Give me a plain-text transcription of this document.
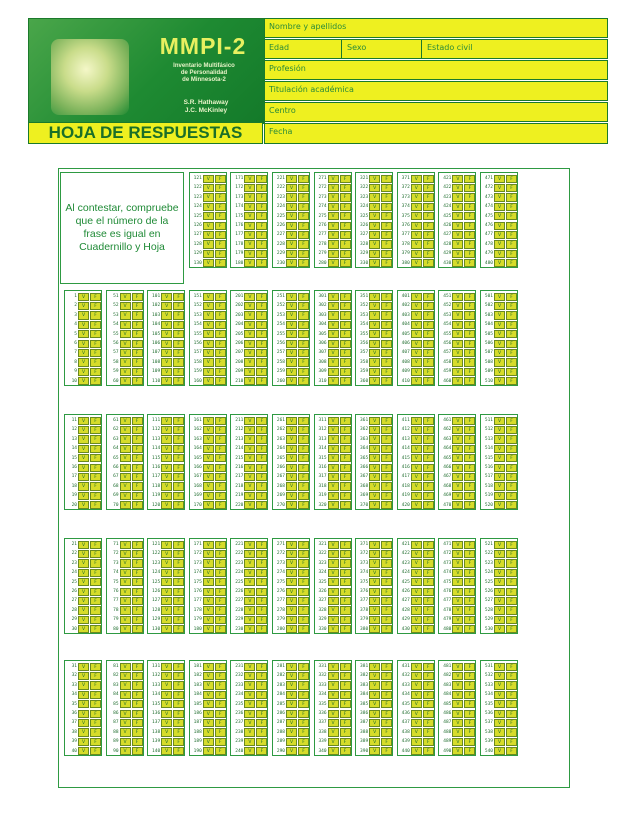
MMPI-2
Inventario Multifásico
de Personalidad
de Minnesota-2
S.R. Hathaway
J.C. McKinley
HOJA DE RESPUESTAS
Nombre y apellidos
Edad	Sexo	Estado civil
Profesión
Titulación académica
Centro
Fecha
Al contestar, compruebe que el número de la frase es igual en Cuadernillo y Hoja
1	V	F
2	V	F
3	V	F
4	V	F
5	V	F
6	V	F
7	V	F
8	V	F
9	V	F
10	V	F
11	V	F
12	V	F
13	V	F
14	V	F
15	V	F
16	V	F
17	V	F
18	V	F
19	V	F
20	V	F
21	V	F
22	V	F
23	V	F
24	V	F
25	V	F
26	V	F
27	V	F
28	V	F
29	V	F
30	V	F
31	V	F
32	V	F
33	V	F
34	V	F
35	V	F
36	V	F
37	V	F
38	V	F
39	V	F
40	V	F
51	V	F
52	V	F
53	V	F
54	V	F
55	V	F
56	V	F
57	V	F
58	V	F
59	V	F
60	V	F
61	V	F
62	V	F
63	V	F
64	V	F
65	V	F
66	V	F
67	V	F
68	V	F
69	V	F
70	V	F
71	V	F
72	V	F
73	V	F
74	V	F
75	V	F
76	V	F
77	V	F
78	V	F
79	V	F
80	V	F
81	V	F
82	V	F
83	V	F
84	V	F
85	V	F
86	V	F
87	V	F
88	V	F
89	V	F
90	V	F
101	V	F
102	V	F
103	V	F
104	V	F
105	V	F
106	V	F
107	V	F
108	V	F
109	V	F
110	V	F
111	V	F
112	V	F
113	V	F
114	V	F
115	V	F
116	V	F
117	V	F
118	V	F
119	V	F
120	V	F
121	V	F
122	V	F
123	V	F
124	V	F
125	V	F
126	V	F
127	V	F
128	V	F
129	V	F
130	V	F
131	V	F
132	V	F
133	V	F
134	V	F
135	V	F
136	V	F
137	V	F
138	V	F
139	V	F
140	V	F
121	V	F
122	V	F
123	V	F
124	V	F
125	V	F
126	V	F
127	V	F
128	V	F
129	V	F
130	V	F
151	V	F
152	V	F
153	V	F
154	V	F
155	V	F
156	V	F
157	V	F
158	V	F
159	V	F
160	V	F
161	V	F
162	V	F
163	V	F
164	V	F
165	V	F
166	V	F
167	V	F
168	V	F
169	V	F
170	V	F
171	V	F
172	V	F
173	V	F
174	V	F
175	V	F
176	V	F
177	V	F
178	V	F
179	V	F
180	V	F
181	V	F
182	V	F
183	V	F
184	V	F
185	V	F
186	V	F
187	V	F
188	V	F
189	V	F
190	V	F
171	V	F
172	V	F
173	V	F
174	V	F
175	V	F
176	V	F
177	V	F
178	V	F
179	V	F
180	V	F
201	V	F
202	V	F
203	V	F
204	V	F
205	V	F
206	V	F
207	V	F
208	V	F
209	V	F
210	V	F
211	V	F
212	V	F
213	V	F
214	V	F
215	V	F
216	V	F
217	V	F
218	V	F
219	V	F
220	V	F
221	V	F
222	V	F
223	V	F
224	V	F
225	V	F
226	V	F
227	V	F
228	V	F
229	V	F
230	V	F
231	V	F
232	V	F
233	V	F
234	V	F
235	V	F
236	V	F
237	V	F
238	V	F
239	V	F
240	V	F
221	V	F
222	V	F
223	V	F
224	V	F
225	V	F
226	V	F
227	V	F
228	V	F
229	V	F
230	V	F
251	V	F
252	V	F
253	V	F
254	V	F
255	V	F
256	V	F
257	V	F
258	V	F
259	V	F
260	V	F
261	V	F
262	V	F
263	V	F
264	V	F
265	V	F
266	V	F
267	V	F
268	V	F
269	V	F
270	V	F
271	V	F
272	V	F
273	V	F
274	V	F
275	V	F
276	V	F
277	V	F
278	V	F
279	V	F
280	V	F
281	V	F
282	V	F
283	V	F
284	V	F
285	V	F
286	V	F
287	V	F
288	V	F
289	V	F
290	V	F
271	V	F
272	V	F
273	V	F
274	V	F
275	V	F
276	V	F
277	V	F
278	V	F
279	V	F
280	V	F
301	V	F
302	V	F
303	V	F
304	V	F
305	V	F
306	V	F
307	V	F
308	V	F
309	V	F
310	V	F
311	V	F
312	V	F
313	V	F
314	V	F
315	V	F
316	V	F
317	V	F
318	V	F
319	V	F
320	V	F
321	V	F
322	V	F
323	V	F
324	V	F
325	V	F
326	V	F
327	V	F
328	V	F
329	V	F
330	V	F
331	V	F
332	V	F
333	V	F
334	V	F
335	V	F
336	V	F
337	V	F
338	V	F
339	V	F
340	V	F
321	V	F
322	V	F
323	V	F
324	V	F
325	V	F
326	V	F
327	V	F
328	V	F
329	V	F
330	V	F
351	V	F
352	V	F
353	V	F
354	V	F
355	V	F
356	V	F
357	V	F
358	V	F
359	V	F
360	V	F
361	V	F
362	V	F
363	V	F
364	V	F
365	V	F
366	V	F
367	V	F
368	V	F
369	V	F
370	V	F
371	V	F
372	V	F
373	V	F
374	V	F
375	V	F
376	V	F
377	V	F
378	V	F
379	V	F
380	V	F
381	V	F
382	V	F
383	V	F
384	V	F
385	V	F
386	V	F
387	V	F
388	V	F
389	V	F
390	V	F
371	V	F
372	V	F
373	V	F
374	V	F
375	V	F
376	V	F
377	V	F
378	V	F
379	V	F
380	V	F
401	V	F
402	V	F
403	V	F
404	V	F
405	V	F
406	V	F
407	V	F
408	V	F
409	V	F
410	V	F
411	V	F
412	V	F
413	V	F
414	V	F
415	V	F
416	V	F
417	V	F
418	V	F
419	V	F
420	V	F
421	V	F
422	V	F
423	V	F
424	V	F
425	V	F
426	V	F
427	V	F
428	V	F
429	V	F
430	V	F
431	V	F
432	V	F
433	V	F
434	V	F
435	V	F
436	V	F
437	V	F
438	V	F
439	V	F
440	V	F
421	V	F
422	V	F
423	V	F
424	V	F
425	V	F
426	V	F
427	V	F
428	V	F
429	V	F
430	V	F
451	V	F
452	V	F
453	V	F
454	V	F
455	V	F
456	V	F
457	V	F
458	V	F
459	V	F
460	V	F
461	V	F
462	V	F
463	V	F
464	V	F
465	V	F
466	V	F
467	V	F
468	V	F
469	V	F
470	V	F
471	V	F
472	V	F
473	V	F
474	V	F
475	V	F
476	V	F
477	V	F
478	V	F
479	V	F
480	V	F
481	V	F
482	V	F
483	V	F
484	V	F
485	V	F
486	V	F
487	V	F
488	V	F
489	V	F
490	V	F
471	V	F
472	V	F
473	V	F
474	V	F
475	V	F
476	V	F
477	V	F
478	V	F
479	V	F
480	V	F
501	V	F
502	V	F
503	V	F
504	V	F
505	V	F
506	V	F
507	V	F
508	V	F
509	V	F
510	V	F
511	V	F
512	V	F
513	V	F
514	V	F
515	V	F
516	V	F
517	V	F
518	V	F
519	V	F
520	V	F
521	V	F
522	V	F
523	V	F
524	V	F
525	V	F
526	V	F
527	V	F
528	V	F
529	V	F
530	V	F
531	V	F
532	V	F
533	V	F
534	V	F
535	V	F
536	V	F
537	V	F
538	V	F
539	V	F
540	V	F
